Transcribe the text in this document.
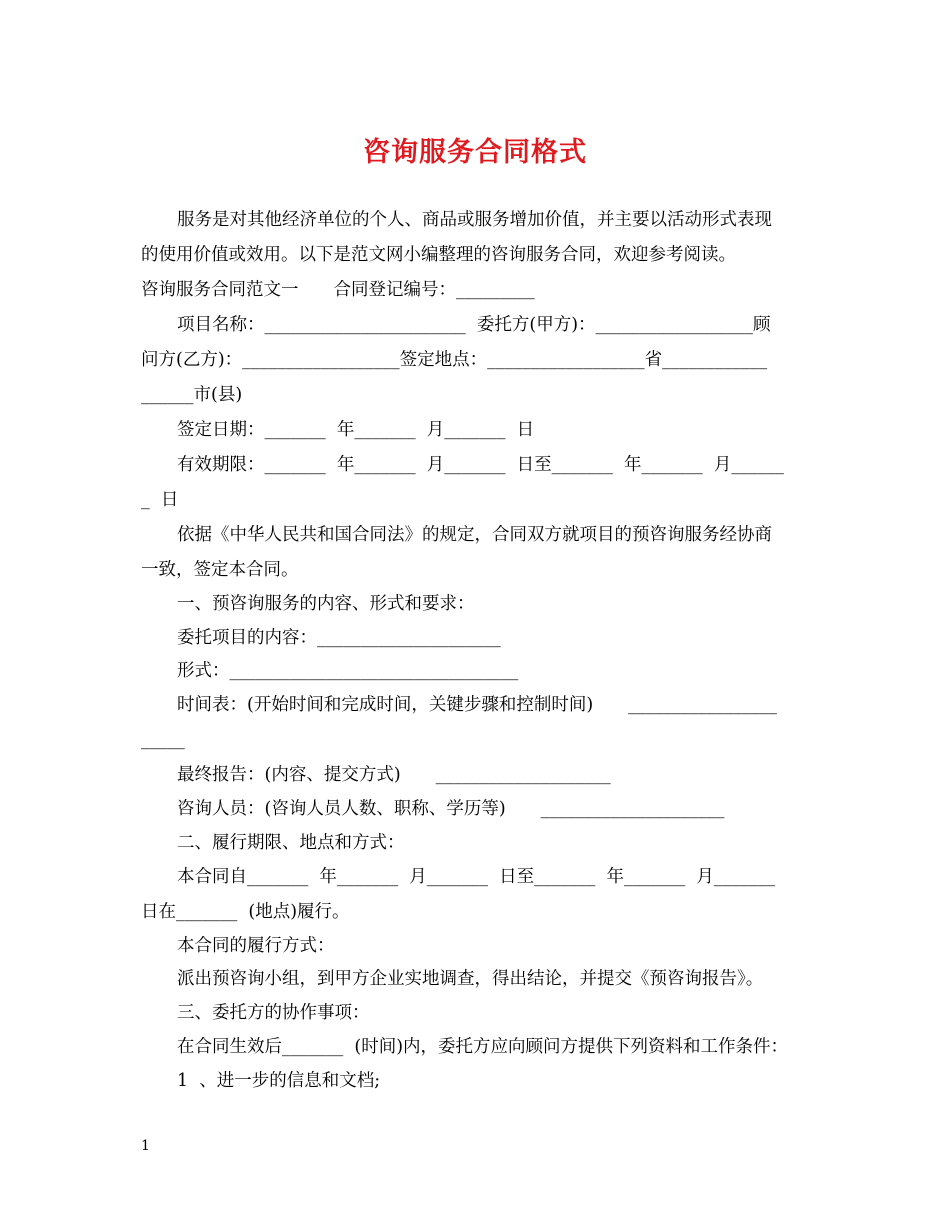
咨询服务合同格式
服务是对其他经济单位的个人、商品或服务增加价值，并主要以活动形式表现
的使用价值或效用。以下是范文网小编整理的咨询服务合同，欢迎参考阅读。
咨询服务合同范文一　　合同登记编号：_________
项目名称：_______________________  委托方(甲方)：__________________顾
问方(乙方)：__________________签定地点：__________________省____________
______市(县)
签定日期：_______  年_______  月_______  日
有效期限：_______  年_______  月_______  日至_______  年_______  月______
_  日
依据《中华人民共和国合同法》的规定，合同双方就项目的预咨询服务经协商
一致，签定本合同。
一、预咨询服务的内容、形式和要求：
委托项目的内容：_____________________
形式：_________________________________
时间表：(开始时间和完成时间，关键步骤和控制时间)　　_________________
_____
最终报告：(内容、提交方式)　　____________________
咨询人员：(咨询人员人数、职称、学历等)　　_____________________
二、履行期限、地点和方式：
本合同自_______  年_______  月_______  日至_______  年_______  月_______
日在_______  (地点)履行。
本合同的履行方式：
派出预咨询小组，到甲方企业实地调查，得出结论，并提交《预咨询报告》。
三、委托方的协作事项：
在合同生效后_______  (时间)内，委托方应向顾问方提供下列资料和工作条件：
1  、进一步的信息和文档;
1
